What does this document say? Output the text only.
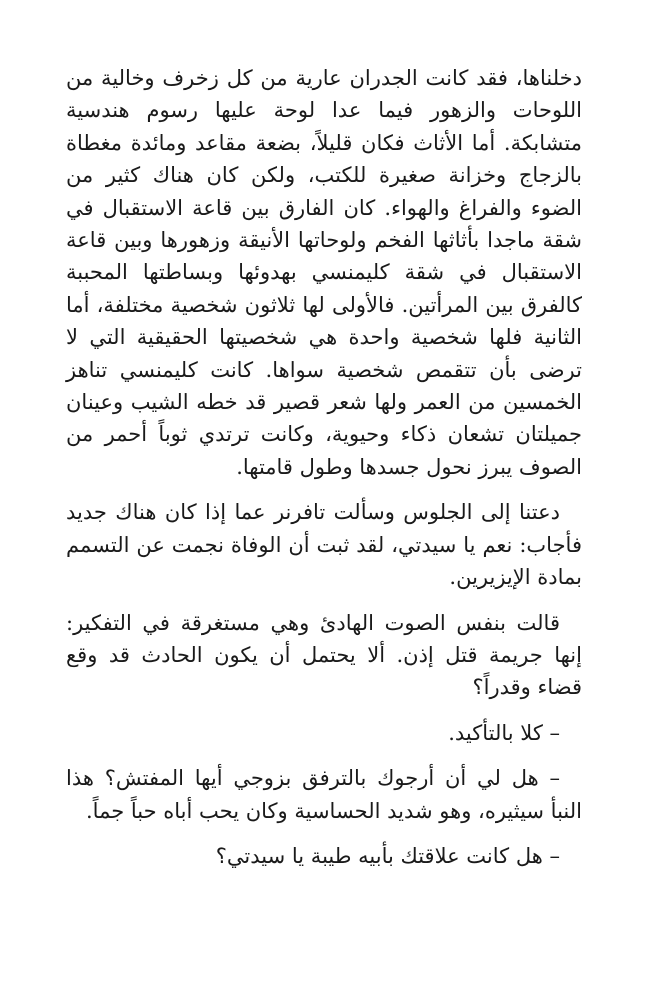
دخلناها، فقد كانت الجدران عارية من كل زخرف وخالية من اللوحات والزهور فيما عدا لوحة عليها رسوم هندسية متشابكة. أما الأثاث فكان قليلاً، بضعة مقاعد ومائدة مغطاة بالزجاج وخزانة صغيرة للكتب، ولكن كان هناك كثير من الضوء والفراغ والهواء. كان الفارق بين قاعة الاستقبال في شقة ماجدا بأثاثها الفخم ولوحاتها الأنيقة وزهورها وبين قاعة الاستقبال في شقة كليمنسي بهدوئها وبساطتها المحببة كالفرق بين المرأتين. فالأولى لها ثلاثون شخصية مختلفة، أما الثانية فلها شخصية واحدة هي شخصيتها الحقيقية التي لا ترضى بأن تتقمص شخصية سواها. كانت كليمنسي تناهز الخمسين من العمر ولها شعر قصير قد خطه الشيب وعينان جميلتان تشعان ذكاء وحيوية، وكانت ترتدي ثوباً أحمر من الصوف يبرز نحول جسدها وطول قامتها.

دعتنا إلى الجلوس وسألت تافرنر عما إذا كان هناك جديد فأجاب: نعم يا سيدتي، لقد ثبت أن الوفاة نجمت عن التسمم بمادة الإيزيرين.

قالت بنفس الصوت الهادئ وهي مستغرقة في التفكير: إنها جريمة قتل إذن. ألا يحتمل أن يكون الحادث قد وقع قضاء وقدراً؟

– كلا بالتأكيد.

– هل لي أن أرجوك بالترفق بزوجي أيها المفتش؟ هذا النبأ سيثيره، وهو شديد الحساسية وكان يحب أباه حباً جماً.

– هل كانت علاقتك بأبيه طيبة يا سيدتي؟
